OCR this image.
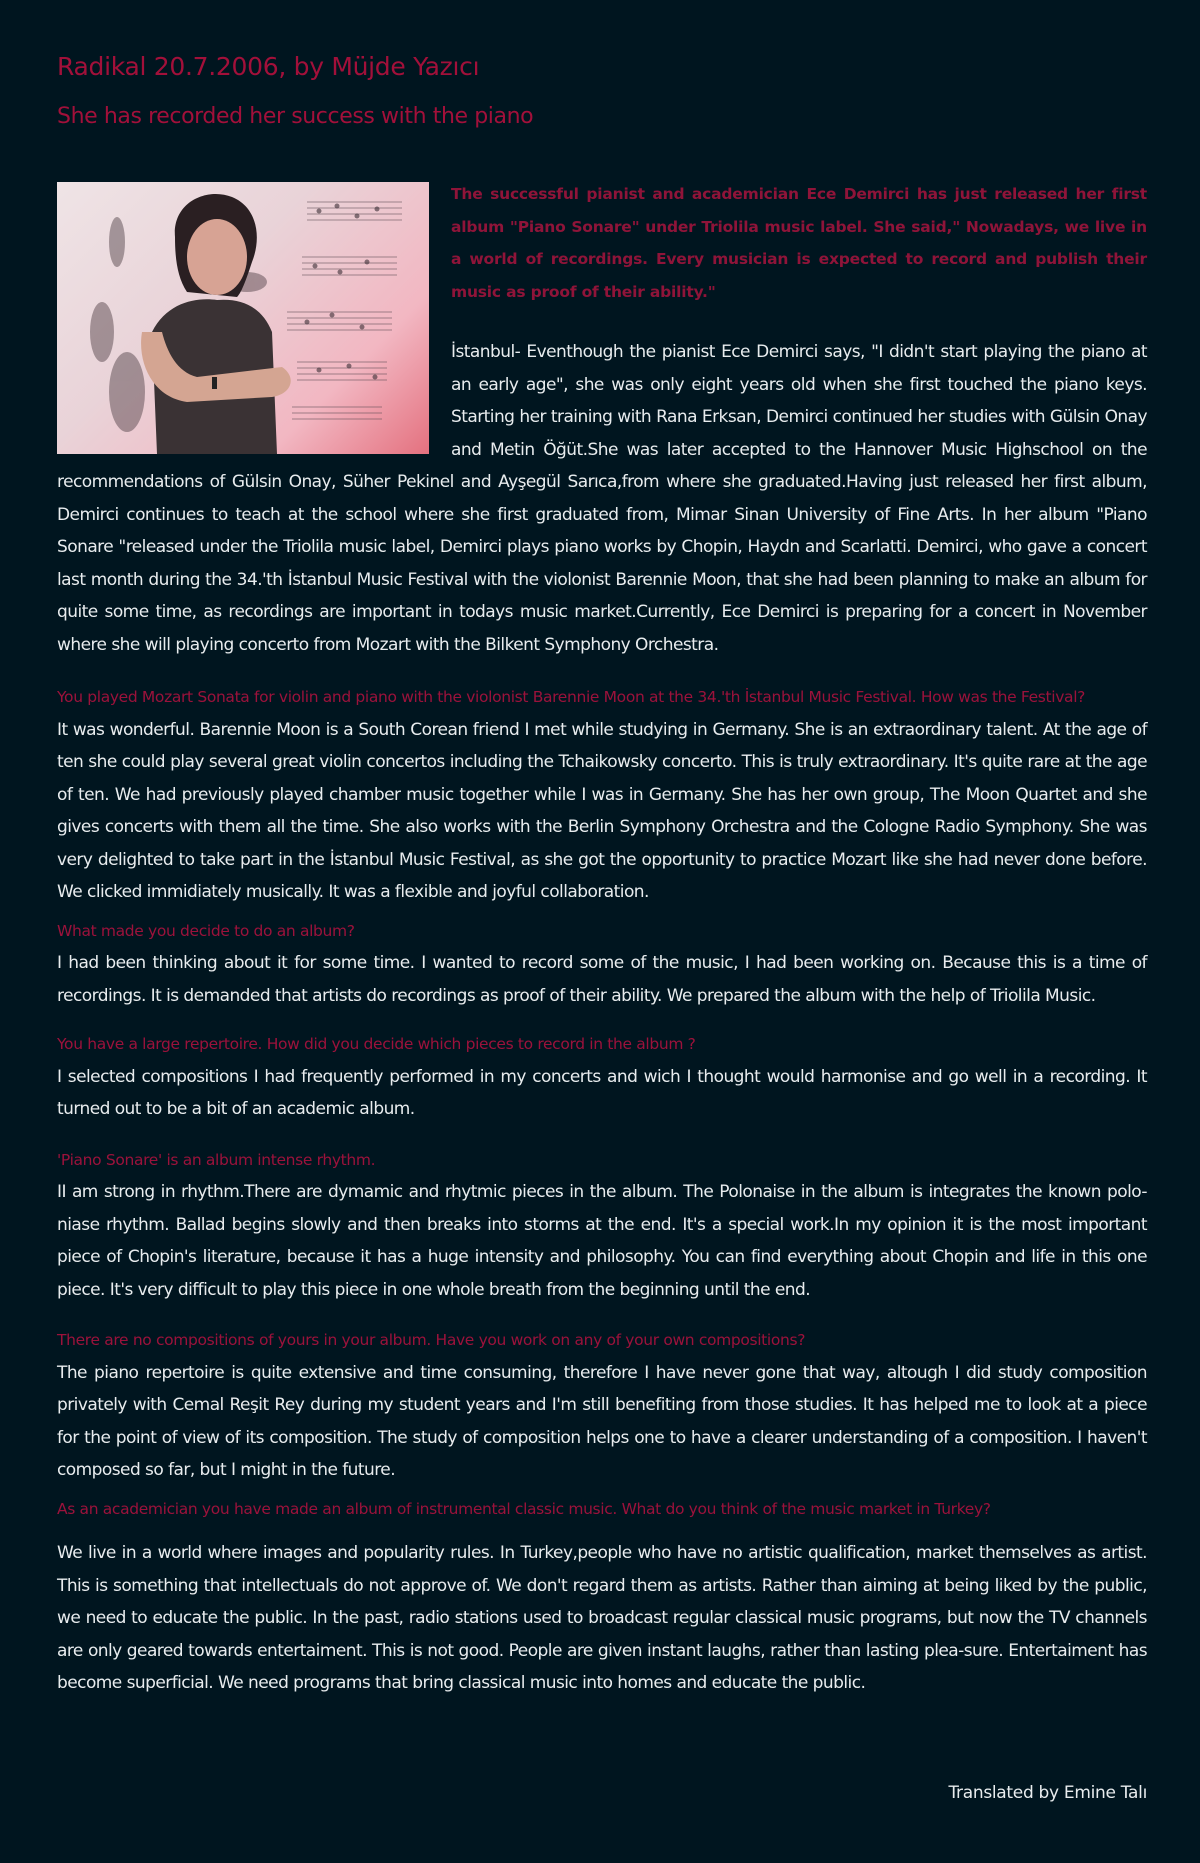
Radikal 20.7.2006, by Müjde Yazıcı
She has recorded her success with the piano

The successful pianist and academician Ece Demirci has just released her first album "Piano Sonare" under Triolila music label. She said," Nowadays, we live in a world of recordings. Every musician is expected to record and publish their music as proof of their ability."

İstanbul- Eventhough the pianist Ece Demirci says, "I didn't start playing the piano at an early age", she was only eight years old when she first touched the piano keys. Starting her training with Rana Erksan, Demirci continued her studies with Gülsin Onay and Metin Öğüt.She was later accepted to the Hannover Music Highschool on the recommendations of Gülsin Onay, Süher Pekinel and Ayşegül Sarıca,from where she graduated.Having just released her first album, Demirci continues to teach at the school where she first graduated from, Mimar Sinan University of Fine Arts. In her album "Piano Sonare "released under the Triolila music label, Demirci plays piano works by Chopin, Haydn and Scarlatti. Demirci, who gave a concert last month during the 34.'th İstanbul Music Festival with the violonist Barennie Moon, that she had been planning to make an album for quite some time, as recordings are important in todays music market.Currently, Ece Demirci is preparing for a concert in November where she will playing concerto from Mozart with the Bilkent Symphony Orchestra.

You played Mozart Sonata for violin and piano with the violonist Barennie Moon at the 34.'th İstanbul Music Festival. How was the Festival?

It was wonderful. Barennie Moon is a South Corean friend I met while studying in Germany. She is an extraordinary talent. At the age of ten she could play several great violin concertos including the Tchaikowsky concerto. This is truly extraordinary. It's quite rare at the age of ten. We had previously played chamber music together while I was in Germany. She has her own group, The Moon Quartet and she gives concerts with them all the time. She also works with the Berlin Symphony Orchestra and the Cologne Radio Symphony. She was very delighted to take part in the İstanbul Music Festival, as she got the opportunity to practice Mozart like she had never done before. We clicked immidiately musically. It was a flexible and joyful collaboration.

What made you decide to do an album?

I had been thinking about it for some time. I wanted to record some of the music, I had been working on. Because this is a time of recordings. It is demanded that artists do recordings as proof of their ability. We prepared the album with the help of Triolila Music.

You have a large repertoire. How did you decide which pieces to record in the album ?

I selected compositions I had frequently performed in my concerts and wich I thought would harmonise and go well in a recording. It turned out to be a bit of an academic album.

'Piano Sonare' is an album intense rhythm.

II am strong in rhythm.There are dymamic and rhytmic pieces in the album. The Polonaise in the album is integrates the known polo-niase rhythm. Ballad begins slowly and then breaks into storms at the end. It's a special work.In my opinion it is the most important piece of Chopin's literature, because it has a huge intensity and philosophy. You can find everything about Chopin and life in this one piece. It's very difficult to play this piece in one whole breath from the beginning until the end.

There are no compositions of yours in your album. Have you work on any of your own compositions?

The piano repertoire is quite extensive and time consuming, therefore I have never gone that way, altough I did study composition privately with Cemal Reşit Rey during my student years and I'm still benefiting from those studies. It has helped me to look at a piece for the point of view of its composition. The study of composition helps one to have a clearer understanding of a composition. I haven't composed so far, but I might in the future.

As an academician you have made an album of instrumental classic music. What do you think of the music market in Turkey?

We live in a world where images and popularity rules. In Turkey,people who have no artistic qualification, market themselves as artist. This is something that intellectuals do not approve of. We don't regard them as artists. Rather than aiming at being liked by the public, we need to educate the public. In the past, radio stations used to broadcast regular classical music programs, but now the TV channels are only geared towards entertaiment. This is not good. People are given instant laughs, rather than lasting plea-sure. Entertaiment has become superficial. We need programs that bring classical music into homes and educate the public.

Translated by Emine Talı
